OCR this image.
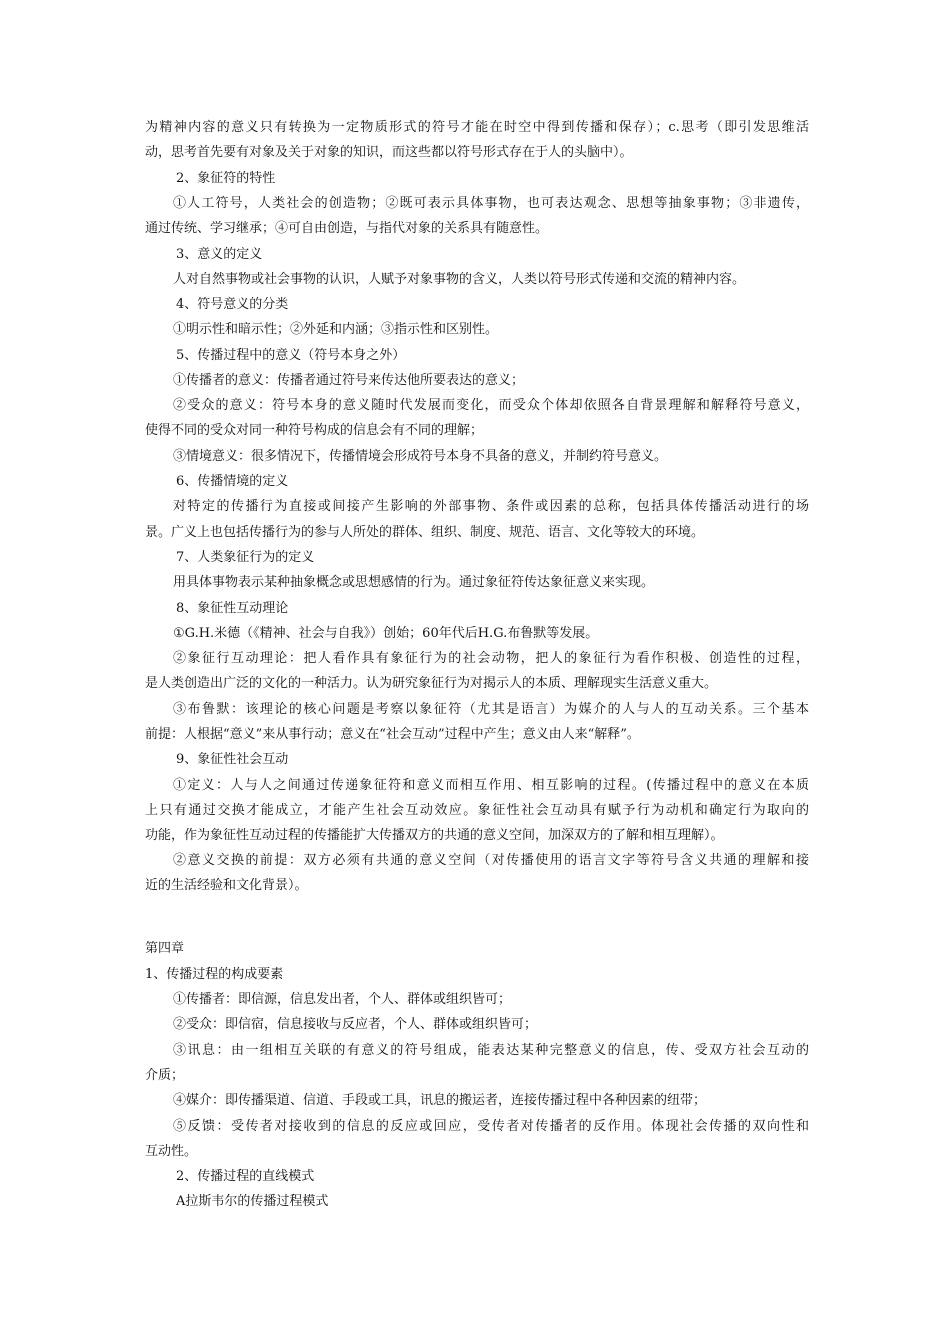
为精神内容的意义只有转换为一定物质形式的符号才能在时空中得到传播和保存）；c.思考（即引发思维活
动，思考首先要有对象及关于对象的知识，而这些都以符号形式存在于人的头脑中）。
2、象征符的特性
①人工符号，人类社会的创造物；②既可表示具体事物，也可表达观念、思想等抽象事物；③非遗传，
通过传统、学习继承；④可自由创造，与指代对象的关系具有随意性。
3、意义的定义
人对自然事物或社会事物的认识，人赋予对象事物的含义，人类以符号形式传递和交流的精神内容。
4、符号意义的分类
①明示性和暗示性；②外延和内涵；③指示性和区别性。
5、传播过程中的意义（符号本身之外）
①传播者的意义：传播者通过符号来传达他所要表达的意义；
②受众的意义：符号本身的意义随时代发展而变化，而受众个体却依照各自背景理解和解释符号意义，
使得不同的受众对同一种符号构成的信息会有不同的理解；
③情境意义：很多情况下，传播情境会形成符号本身不具备的意义，并制约符号意义。
6、传播情境的定义
对特定的传播行为直接或间接产生影响的外部事物、条件或因素的总称，包括具体传播活动进行的场
景。广义上也包括传播行为的参与人所处的群体、组织、制度、规范、语言、文化等较大的环境。
7、人类象征行为的定义
用具体事物表示某种抽象概念或思想感情的行为。通过象征符传达象征意义来实现。
8、象征性互动理论
①G.H.米德（《精神、社会与自我》）创始；60年代后H.G.布鲁默等发展。
②象征行互动理论：把人看作具有象征行为的社会动物，把人的象征行为看作积极、创造性的过程，
是人类创造出广泛的文化的一种活力。认为研究象征行为对揭示人的本质、理解现实生活意义重大。
③布鲁默：该理论的核心问题是考察以象征符（尤其是语言）为媒介的人与人的互动关系。三个基本
前提：人根据“意义”来从事行动；意义在“社会互动”过程中产生；意义由人来“解释”。
9、象征性社会互动
①定义：人与人之间通过传递象征符和意义而相互作用、相互影响的过程。(传播过程中的意义在本质
上只有通过交换才能成立，才能产生社会互动效应。象征性社会互动具有赋予行为动机和确定行为取向的
功能，作为象征性互动过程的传播能扩大传播双方的共通的意义空间，加深双方的了解和相互理解）。
②意义交换的前提：双方必须有共通的意义空间（对传播使用的语言文字等符号含义共通的理解和接
近的生活经验和文化背景）。
第四章
1、传播过程的构成要素
①传播者：即信源，信息发出者，个人、群体或组织皆可；
②受众：即信宿，信息接收与反应者，个人、群体或组织皆可；
③讯息：由一组相互关联的有意义的符号组成，能表达某种完整意义的信息，传、受双方社会互动的
介质；
④媒介：即传播渠道、信道、手段或工具，讯息的搬运者，连接传播过程中各种因素的纽带；
⑤反馈：受传者对接收到的信息的反应或回应，受传者对传播者的反作用。体现社会传播的双向性和
互动性。
2、传播过程的直线模式
A拉斯韦尔的传播过程模式
